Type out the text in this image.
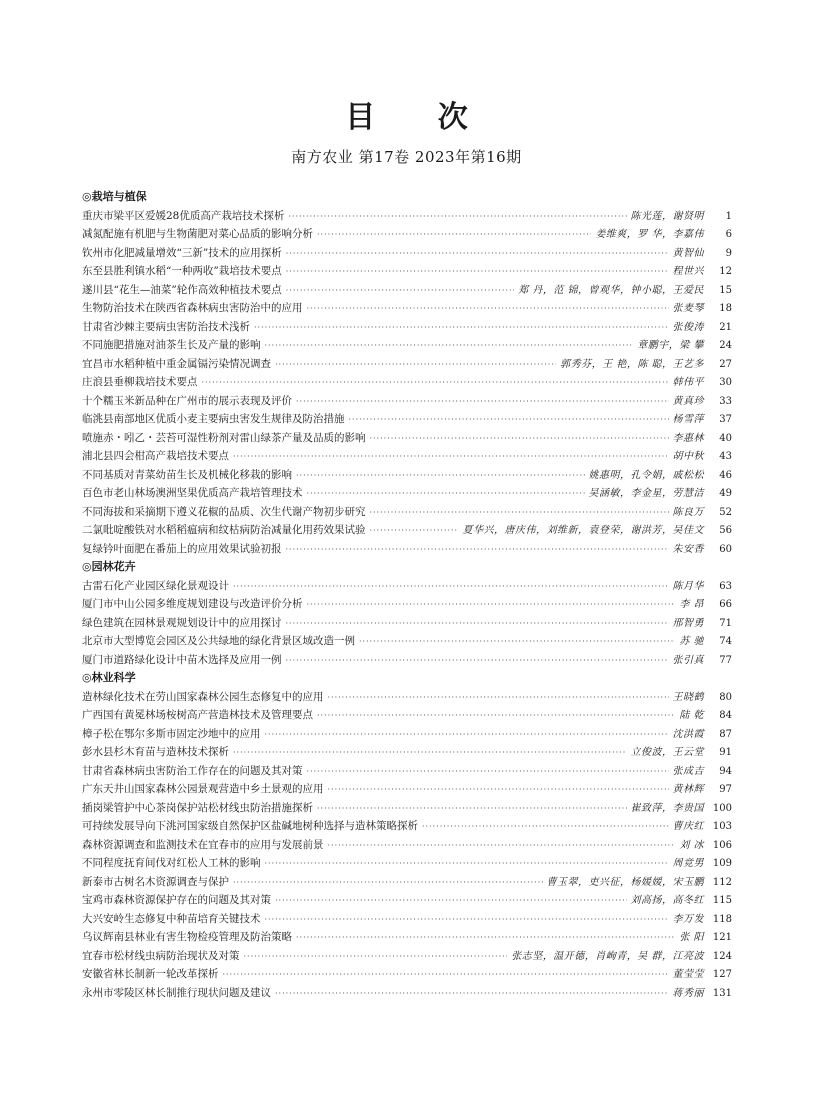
目 次
南方农业 第17卷 2023年第16期
◎栽培与植保
重庆市梁平区爱媛28优质高产栽培技术探析 ·····	陈光莲，谢贤明	1
减氮配施有机肥与生物菌肥对菜心品质的影响分析 ·····	姜维爽，罗 华，李嘉伟	6
钦州市化肥减量增效“三新”技术的应用探析 ·····	黄智仙	9
东至县胜利镇水稻“一种两收”栽培技术要点 ·····	程世兴	12
遂川县“花生—油菜”轮作高效种植技术要点 ·····	郑 丹，范 锦，曾观华，钟小聪，王爱民	15
生物防治技术在陕西省森林病虫害防治中的应用 ·····	张麦琴	18
甘肃省沙棘主要病虫害防治技术浅析 ·····	张俊涛	21
不同施肥措施对油茶生长及产量的影响 ·····	章鹏宇，梁 攀	24
宜昌市水稻种植中重金属镉污染情况调查 ·····	郭秀芬，王 艳，陈 聪，王艺多	27
庄浪县垂柳栽培技术要点 ·····	韩伟平	30
十个糯玉米新品种在广州市的展示表现及评价 ·····	黄真珍	33
临洮县南部地区优质小麦主要病虫害发生规律及防治措施 ·····	杨雪萍	37
喷施赤・吲乙・芸苔可湿性粉剂对雷山绿茶产量及品质的影响 ·····	李惠林	40
浦北县四会柑高产栽培技术要点 ·····	胡中秋	43
不同基质对青菜幼苗生长及机械化移栽的影响 ·····	姚惠明，孔令娟，戚松松	46
百色市老山林场澳洲坚果优质高产栽培管理技术 ·····	吴涵敏，李金星，劳慧洁	49
不同海拔和采摘期下遵义花椒的品质、次生代谢产物初步研究 ·····	陈良万	52
二氯吡啶酸铁对水稻稻瘟病和纹枯病防治减量化用药效果试验 ·····	夏华兴，唐庆伟，刘维新，袁登荣，谢洪芳，吴佳文	56
复绿钤叶面肥在番茄上的应用效果试验初报 ·····	朱安香	60
◎园林花卉
古雷石化产业园区绿化景观设计 ·····	陈月华	63
厦门市中山公园多维度规划建设与改造评价分析 ·····	李 昂	66
绿色建筑在园林景观规划设计中的应用探讨 ·····	邢智勇	71
北京市大型博览会园区及公共绿地的绿化背景区域改造一例 ·····	苏 驰	74
厦门市道路绿化设计中苗木选择及应用一例 ·····	张引真	77
◎林业科学
造林绿化技术在劳山国家森林公园生态修复中的应用 ·····	王晓鹤	80
广西国有黄冕林场桉树高产营造林技术及管理要点 ·····	陆 乾	84
樟子松在鄂尔多斯市固定沙地中的应用 ·····	沈洪霞	87
彭水县杉木育苗与造林技术探析 ·····	立俊波，王云堂	91
甘肃省森林病虫害防治工作存在的问题及其对策 ·····	张成吉	94
广东天井山国家森林公园景观营造中乡土景观的应用 ·····	黄林辉	97
插岗梁管护中心茶岗保护站松材线虫防治措施探析 ·····	崔致萍，李贵国 100
可持续发展导向下洮河国家级自然保护区盐碱地树种选择与造林策略探析 ·····	曹庆红 103
森林资源调查和监测技术在宜春市的应用与发展前景 ·····	刘 冰 106
不同程度抚育间伐对红松人工林的影响 ·····	周竞男 109
新泰市古树名木资源调查与保护 ·····	曹玉翠，吏兴征，杨媛媛，宋玉鹏 112
宝鸡市森林资源保护存在的问题及其对策 ·····	刘高扬，高冬红 115
大兴安岭生态修复中种苗培育关键技术 ·····	李万发 118
乌议辉南县林业有害生物检疫管理及防治策略 ·····	张 阳 121
宜春市松材线虫病防治现状及对策 ·····	张志坚，温开德，肖峋青，吴 群，江亮波 124
安徽省林长制新一轮改革探析 ·····	董莹莹 127
永州市零陵区林长制推行现状问题及建议 ·····	蒋秀丽 131
